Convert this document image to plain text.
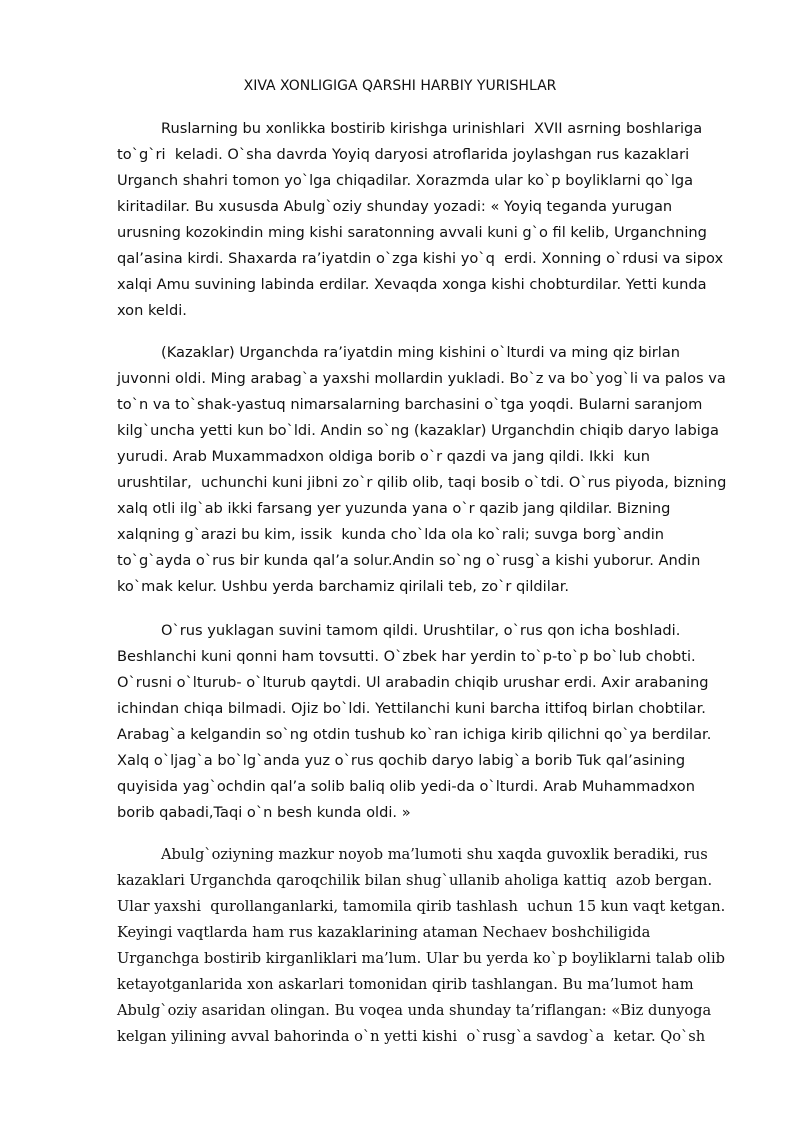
XIVA XONLIGIGA QARSHI HARBIY YURISHLAR
Ruslarning bu xonlikka bostirib kirishga urinishlari  XVII asrning boshlariga
to`g`ri  keladi. O`sha davrda Yoyiq daryosi atroflarida joylashgan rus kazaklari
Urganch shahri tomon yo`lga chiqadilar. Xorazmda ular ko`p boyliklarni qo`lga
kiritadilar. Bu xususda Abulg`oziy shunday yozadi: « Yoyiq teganda yurugan
urusning kozokindin ming kishi saratonning avvali kuni g`o fil kelib, Urganchning
qal’asina kirdi. Shaxarda ra’iyatdin o`zga kishi yo`q  erdi. Xonning o`rdusi va sipox
xalqi Amu suvining labinda erdilar. Xevaqda xonga kishi chobturdilar. Yetti kunda
xon keldi.
(Kazaklar) Urganchda ra’iyatdin ming kishini o`lturdi va ming qiz birlan
juvonni oldi. Ming arabag`a yaxshi mollardin yukladi. Bo`z va bo`yog`li va palos va
to`n va to`shak-yastuq nimarsalarning barchasini o`tga yoqdi. Bularni saranjom
kilg`uncha yetti kun bo`ldi. Andin so`ng (kazaklar) Urganchdin chiqib daryo labiga
yurudi. Arab Muxammadxon oldiga borib o`r qazdi va jang qildi. Ikki  kun
urushtilar,  uchunchi kuni jibni zo`r qilib olib, taqi bosib o`tdi. O`rus piyoda, bizning
xalq otli ilg`ab ikki farsang yer yuzunda yana o`r qazib jang qildilar. Bizning
xalqning g`arazi bu kim, issik  kunda cho`lda ola ko`rali; suvga borg`andin
to`g`ayda o`rus bir kunda qal’a solur.Andin so`ng o`rusg`a kishi yuborur. Andin
ko`mak kelur. Ushbu yerda barchamiz qirilali teb, zo`r qildilar.
O`rus yuklagan suvini tamom qildi. Urushtilar, o`rus qon icha boshladi.
Beshlanchi kuni qonni ham tovsutti. O`zbek har yerdin to`p-to`p bo`lub chobti.
O`rusni o`lturub- o`lturub qaytdi. Ul arabadin chiqib urushar erdi. Axir arabaning
ichindan chiqa bilmadi. Ojiz bo`ldi. Yettilanchi kuni barcha ittifoq birlan chobtilar.
Arabag`a kelgandin so`ng otdin tushub ko`ran ichiga kirib qilichni qo`ya berdilar.
Xalq o`ljag`a bo`lg`anda yuz o`rus qochib daryo labig`a borib Tuk qal’asining
quyisida yag`ochdin qal’a solib baliq olib yedi-da o`lturdi. Arab Muhammadxon
borib qabadi,Taqi o`n besh kunda oldi. »
Abulg`oziyning mazkur noyob ma’lumoti shu xaqda guvoxlik beradiki, rus
kazaklari Urganchda qaroqchilik bilan shug`ullanib aholiga kattiq  azob bergan.
Ular yaxshi  qurollanganlarki, tamomila qirib tashlash  uchun 15 kun vaqt ketgan.
Keyingi vaqtlarda ham rus kazaklarining ataman Nechaev boshchiligida
Urganchga bostirib kirganliklari ma’lum. Ular bu yerda ko`p boyliklarni talab olib
ketayotganlarida xon askarlari tomonidan qirib tashlangan. Bu ma’lumot ham
Abulg`oziy asaridan olingan. Bu voqea unda shunday ta’riflangan: «Biz dunyoga
kelgan yilining avval bahorinda o`n yetti kishi  o`rusg`a savdog`a  ketar. Qo`sh
